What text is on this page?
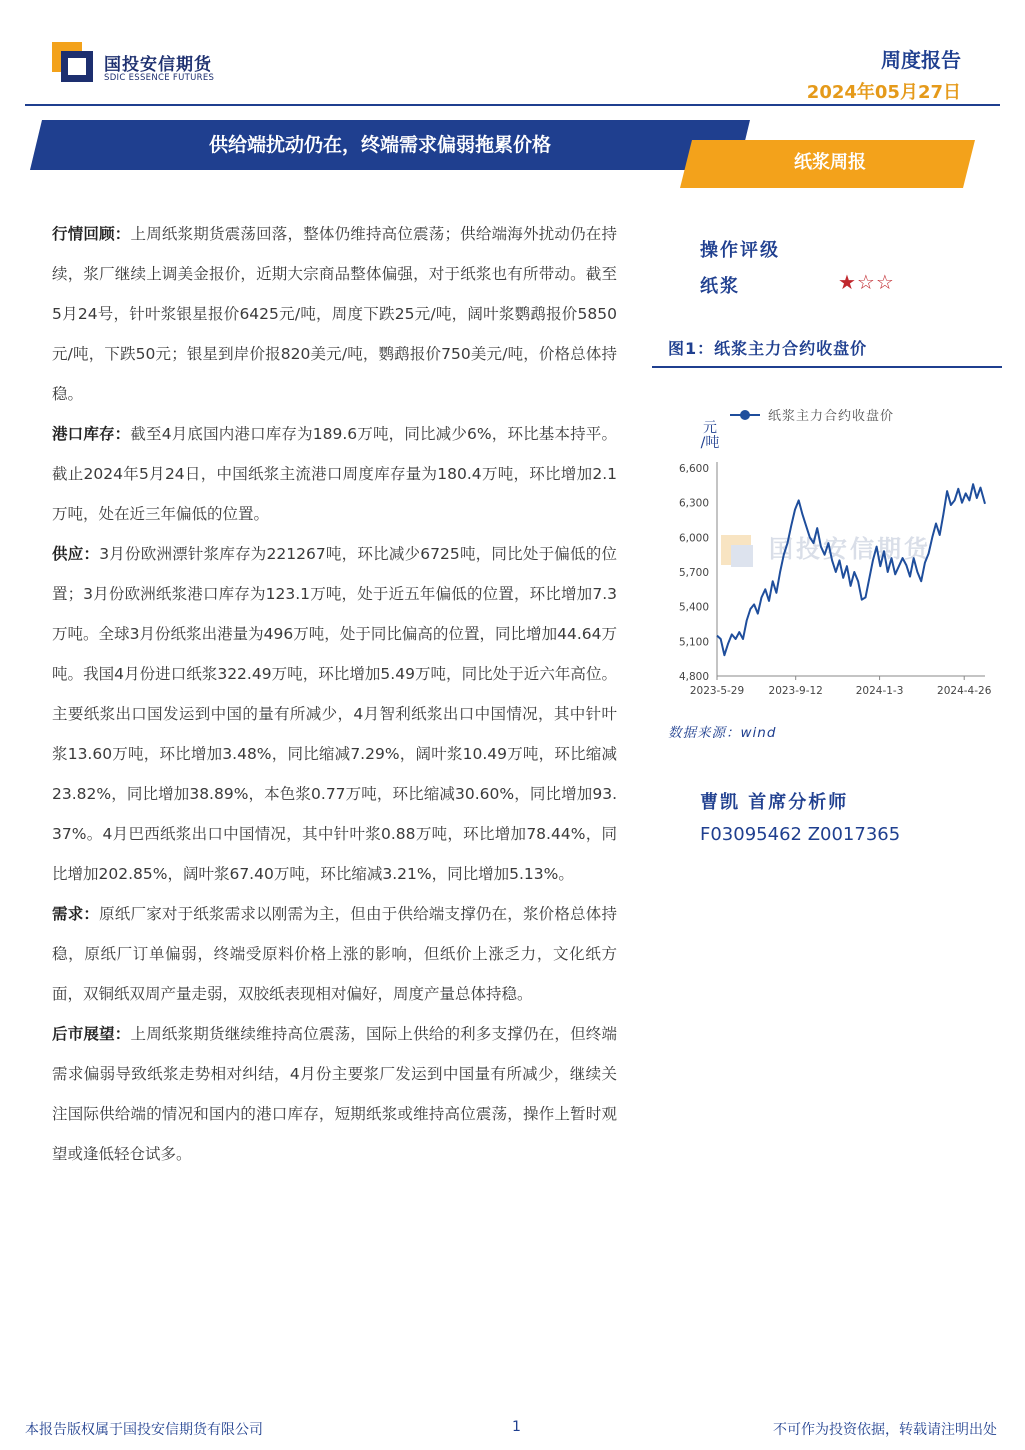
国投安信期货
SDIC ESSENCE FUTURES
周度报告
2024年05月27日
供给端扰动仍在，终端需求偏弱拖累价格
纸浆周报

行情回顾：上周纸浆期货震荡回落，整体仍维持高位震荡；供给端海外扰动仍在持续，浆厂继续上调美金报价，近期大宗商品整体偏强，对于纸浆也有所带动。截至5月24号，针叶浆银星报价6425元/吨，周度下跌25元/吨，阔叶浆鹦鹉报价5850元/吨，下跌50元；银星到岸价报820美元/吨，鹦鹉报价750美元/吨，价格总体持稳。

港口库存：截至4月底国内港口库存为189.6万吨，同比减少6%，环比基本持平。截止2024年5月24日，中国纸浆主流港口周度库存量为180.4万吨，环比增加2.1万吨，处在近三年偏低的位置。

供应：3月份欧洲漂针浆库存为221267吨，环比减少6725吨，同比处于偏低的位置；3月份欧洲纸浆港口库存为123.1万吨，处于近五年偏低的位置，环比增加7.3万吨。全球3月份纸浆出港量为496万吨，处于同比偏高的位置，同比增加44.64万吨。我国4月份进口纸浆322.49万吨，环比增加5.49万吨，同比处于近六年高位。主要纸浆出口国发运到中国的量有所减少，4月智利纸浆出口中国情况，其中针叶浆13.60万吨，环比增加3.48%，同比缩减7.29%，阔叶浆10.49万吨，环比缩减23.82%，同比增加38.89%，本色浆0.77万吨，环比缩减30.60%，同比增加93.37%。4月巴西纸浆出口中国情况，其中针叶浆0.88万吨，环比增加78.44%，同比增加202.85%，阔叶浆67.40万吨，环比缩减3.21%，同比增加5.13%。

需求：原纸厂家对于纸浆需求以刚需为主，但由于供给端支撑仍在，浆价格总体持稳，原纸厂订单偏弱，终端受原料价格上涨的影响，但纸价上涨乏力，文化纸方面，双铜纸双周产量走弱，双胶纸表现相对偏好，周度产量总体持稳。

后市展望：上周纸浆期货继续维持高位震荡，国际上供给的利多支撑仍在，但终端需求偏弱导致纸浆走势相对纠结，4月份主要浆厂发运到中国量有所减少，继续关注国际供给端的情况和国内的港口库存，短期纸浆或维持高位震荡，操作上暂时观望或逢低轻仓试多。

操作评级
纸浆	★☆☆
图1：纸浆主力合约收盘价
国投安信期货
纸浆主力合约收盘价
元
/吨
4,800
5,100
5,400
5,700
6,000
6,300
6,600
2023-5-29 2023-9-12	2024-1-3	2024-4-26
数据来源：wind
曹凯 首席分析师
F03095462 Z0017365
本报告版权属于国投安信期货有限公司	1	不可作为投资依据，转载请注明出处
